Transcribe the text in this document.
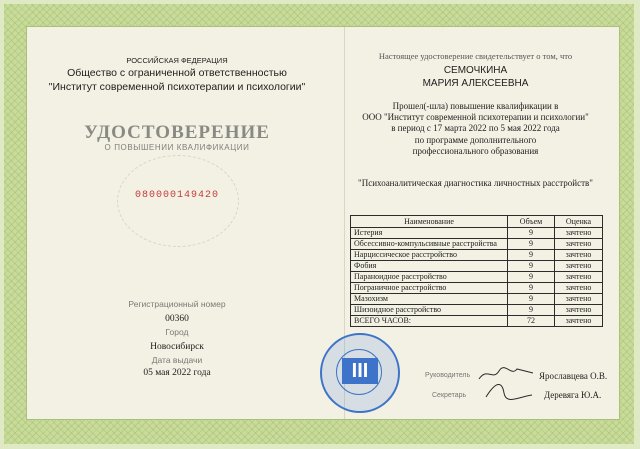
РОССИЙСКАЯ ФЕДЕРАЦИЯ
Общество с ограниченной ответственностью
"Институт современной психотерапии и психологии"
УДОСТОВЕРЕНИЕ
О ПОВЫШЕНИИ КВАЛИФИКАЦИИ
080000149420
Регистрационный номер
00360
Город
Новосибирск
Дата выдачи
05 мая 2022 года
Настоящее удостоверение свидетельствует о том, что
СЕМОЧКИНА
МАРИЯ АЛЕКСЕЕВНА
Прошел(-шла) повышение квалификации в
ООО "Институт современной психотерапии и психологии"
в период с 17 марта 2022 по 5 мая 2022 года
по программе дополнительного
профессионального образования
"Психоаналитическая диагностика личностных расстройств"
Наименование	Объем	Оценка
Истерия	9	зачтено
Обсессивно-компульсивные расстройства	9	зачтено
Нарциссическое расстройство	9	зачтено
Фобия	9	зачтено
Параноидное расстройство	9	зачтено
Пограничное расстройство	9	зачтено
Мазохизм	9	зачтено
Шизоидное расстройство	9	зачтено
ВСЕГО ЧАСОВ:	72	зачтено
Руководитель	Ярославцева О.В.
Секретарь	Деревяга Ю.А.
III
